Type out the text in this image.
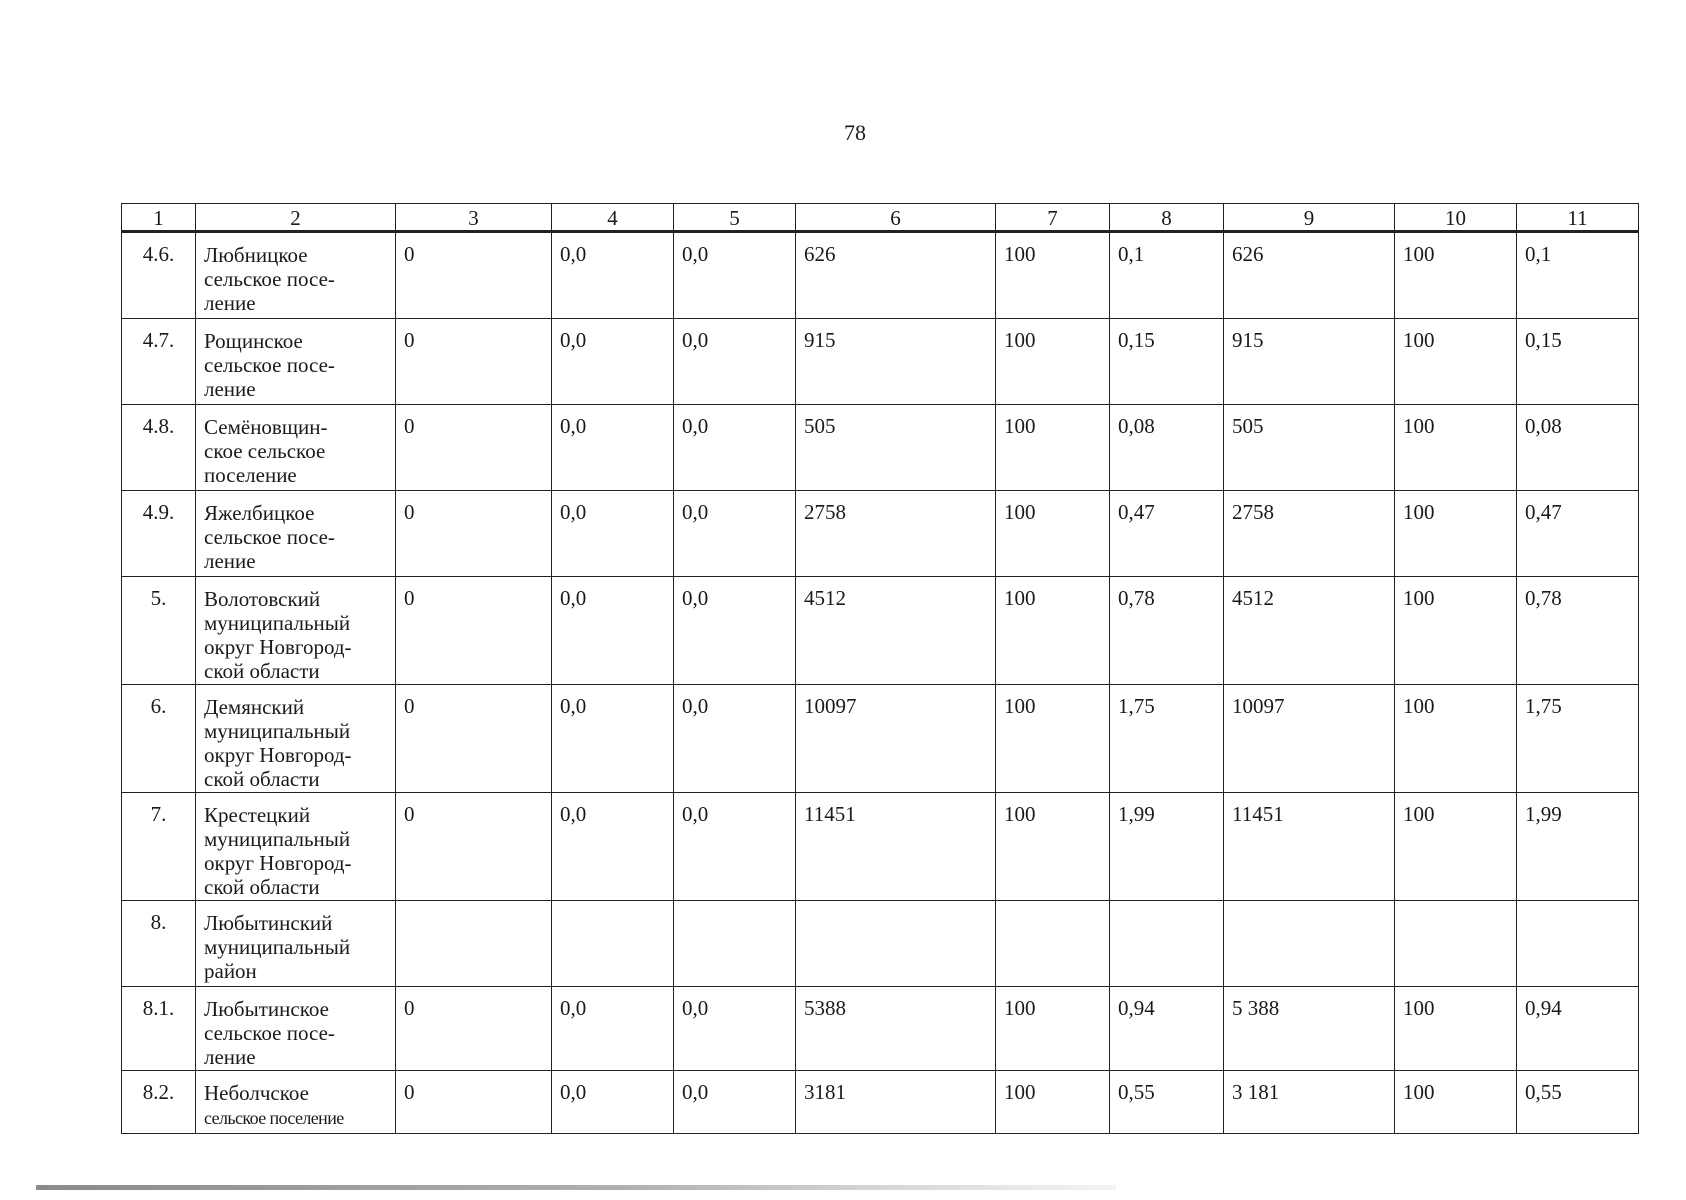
78
1	2	3	4	5	6	7	8	9	10	11
4.6.	Любницкое
сельское посе-
ление	0	0,0	0,0	626	100	0,1	626	100	0,1
4.7.	Рощинское
сельское посе-
ление	0	0,0	0,0	915	100	0,15	915	100	0,15
4.8.	Семёновщин-
ское сельское
поселение	0	0,0	0,0	505	100	0,08	505	100	0,08
4.9.	Яжелбицкое
сельское посе-
ление	0	0,0	0,0	2758	100	0,47	2758	100	0,47
5.	Волотовский
муниципальный
округ Новгород-
ской области	0	0,0	0,0	4512	100	0,78	4512	100	0,78
6.	Демянский
муниципальный
округ Новгород-
ской области	0	0,0	0,0	10097	100	1,75	10097	100	1,75
7.	Крестецкий
муниципальный
округ Новгород-
ской области	0	0,0	0,0	11451	100	1,99	11451	100	1,99
8.	Любытинский
муниципальный
район									
8.1.	Любытинское
сельское посе-
ление	0	0,0	0,0	5388	100	0,94	5 388	100	0,94
8.2.	Неболчское
сельское поселение	0	0,0	0,0	3181	100	0,55	3 181	100	0,55
